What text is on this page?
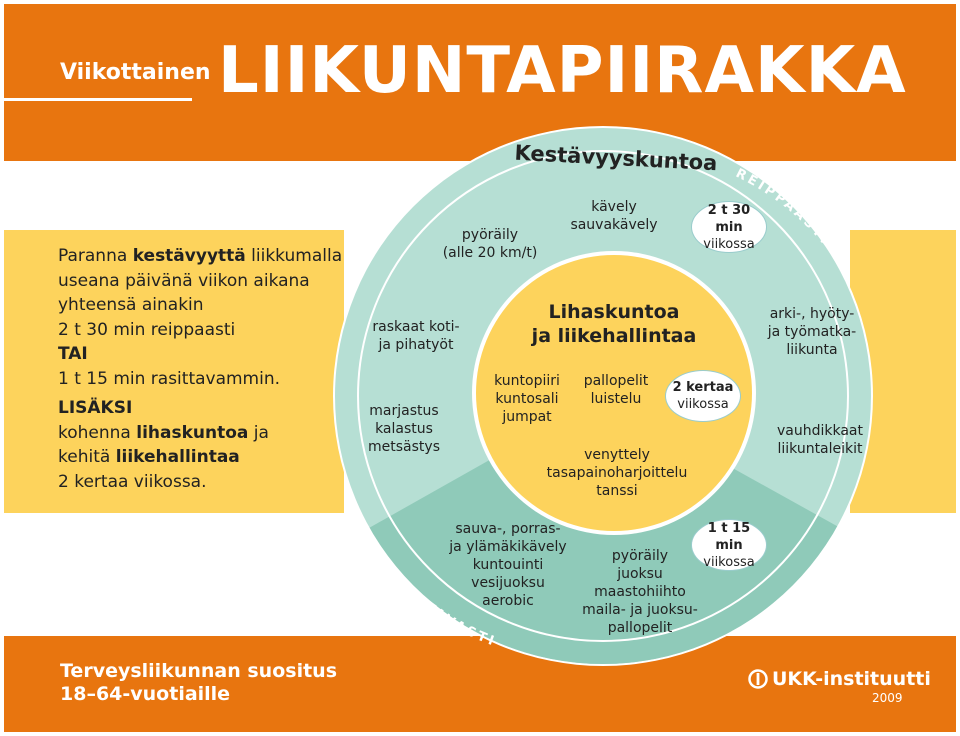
Viikottainen LIIKUNTAPIIRAKKA

Paranna kestävyyttä liikkumalla

useana päivänä viikon aikana

yhteensä ainakin

2 t 30 min reippaasti

TAI

1 t 15 min rasittavammin.

LISÄKSI

kohenna lihaskuntoa ja

kehitä liikehallintaa

2 kertaa viikossa.

REIPPAASTI
RASITTAVASTI
Kestävyyskuntoa
pyöräily
(alle 20 km/t)
kävely
sauvakävely
raskaat koti-
ja pihatyöt
arki-, hyöty-
ja työmatka-
liikunta
marjastus
kalastus
metsästys
vauhdikkaat
liikuntaleikit
sauva-, porras-
ja ylämäkikävely
kuntouinti
vesijuoksu
aerobic
pyöräily
juoksu
maastohiihto
maila- ja juoksu-
pallopelit
Lihaskuntoa
ja liikehallintaa
kuntopiiri
kuntosali
jumpat
pallopelit
luistelu
venyttely
tasapainoharjoittelu
tanssi
2 t 30 min
viikossa
2 kertaa
viikossa
1 t 15 min
viikossa
Terveysliikunnan suositus
18–64-vuotiaille
UKK-instituutti
2009
